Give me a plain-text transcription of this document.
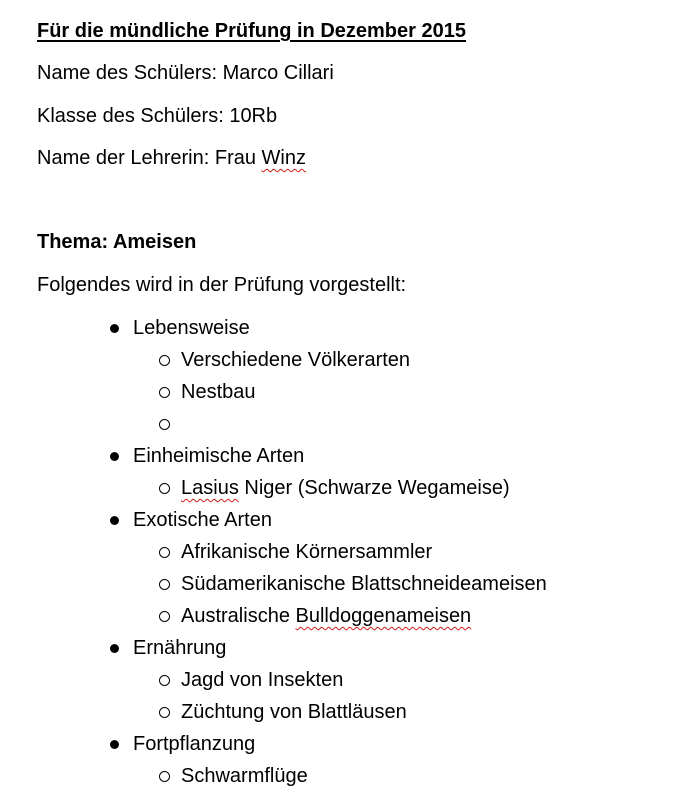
Für die mündliche Prüfung in Dezember 2015
Name des Schülers: Marco Cillari
Klasse des Schülers: 10Rb
Name der Lehrerin: Frau Winz
Thema: Ameisen
Folgendes wird in der Prüfung vorgestellt:
Lebensweise
Verschiedene Völkerarten
Nestbau
Einheimische Arten
Lasius Niger (Schwarze Wegameise)
Exotische Arten
Afrikanische Körnersammler
Südamerikanische Blattschneideameisen
Australische Bulldoggenameisen
Ernährung
Jagd von Insekten
Züchtung von Blattläusen
Fortpflanzung
Schwarmflüge
